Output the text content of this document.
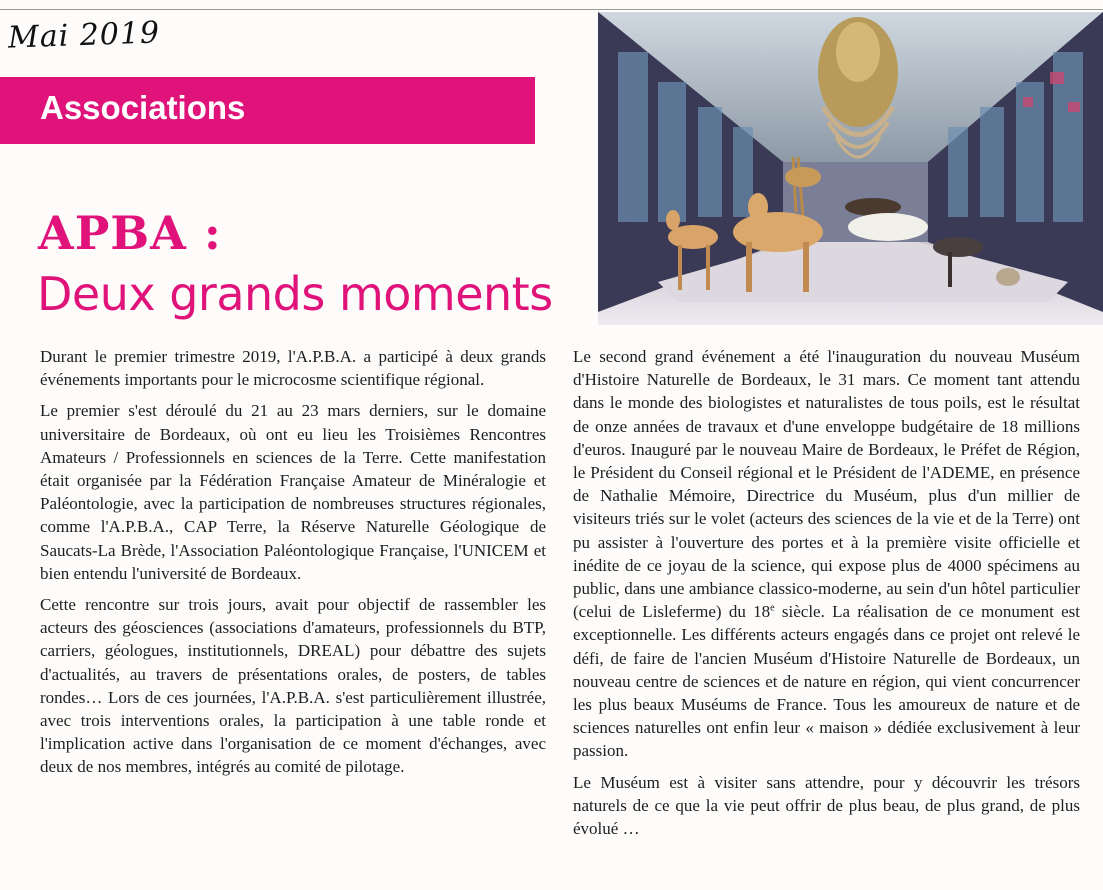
Mai 2019
Associations
APBA :
Deux grands moments

Durant le premier trimestre 2019, l'A.P.B.A. a participé à deux grands événements importants pour le microcosme scientifique régional.

Le premier s'est déroulé du 21 au 23 mars derniers, sur le domaine universitaire de Bordeaux, où ont eu lieu les Troisièmes Rencontres Amateurs / Professionnels en sciences de la Terre. Cette manifestation était organisée par la Fédération Française Amateur de Minéralogie et Paléontologie, avec la participation de nombreuses structures régionales, comme l'A.P.B.A., CAP Terre, la Réserve Naturelle Géologique de Saucats-La Brède, l'Association Paléontologique Française, l'UNICEM et bien entendu l'université de Bordeaux.

Cette rencontre sur trois jours, avait pour objectif de rassembler les acteurs des géosciences (associations d'amateurs, professionnels du BTP, carriers, géologues, institutionnels, DREAL) pour débattre des sujets d'actualités, au travers de présentations orales, de posters, de tables rondes… Lors de ces journées, l'A.P.B.A. s'est particulièrement illustrée, avec trois interventions orales, la participation à une table ronde et l'implication active dans l'organisation de ce moment d'échanges, avec deux de nos membres, intégrés au comité de pilotage.

Le second grand événement a été l'inauguration du nouveau Muséum d'Histoire Naturelle de Bordeaux, le 31 mars. Ce moment tant attendu dans le monde des biologistes et naturalistes de tous poils, est le résultat de onze années de travaux et d'une enveloppe budgétaire de 18 millions d'euros. Inauguré par le nouveau Maire de Bordeaux, le Préfet de Région, le Président du Conseil régional et le Président de l'ADEME, en présence de Nathalie Mémoire, Directrice du Muséum, plus d'un millier de visiteurs triés sur le volet (acteurs des sciences de la vie et de la Terre) ont pu assister à l'ouverture des portes et à la première visite officielle et inédite de ce joyau de la science, qui expose plus de 4000 spécimens au public, dans une ambiance classico-moderne, au sein d'un hôtel particulier (celui de Lisleferme) du 18e siècle. La réalisation de ce monument est exceptionnelle. Les différents acteurs engagés dans ce projet ont relevé le défi, de faire de l'ancien Muséum d'Histoire Naturelle de Bordeaux, un nouveau centre de sciences et de nature en région, qui vient concurrencer les plus beaux Muséums de France. Tous les amoureux de nature et de sciences naturelles ont enfin leur « maison » dédiée exclusivement à leur passion.

Le Muséum est à visiter sans attendre, pour y découvrir les trésors naturels de ce que la vie peut offrir de plus beau, de plus grand, de plus évolué …
